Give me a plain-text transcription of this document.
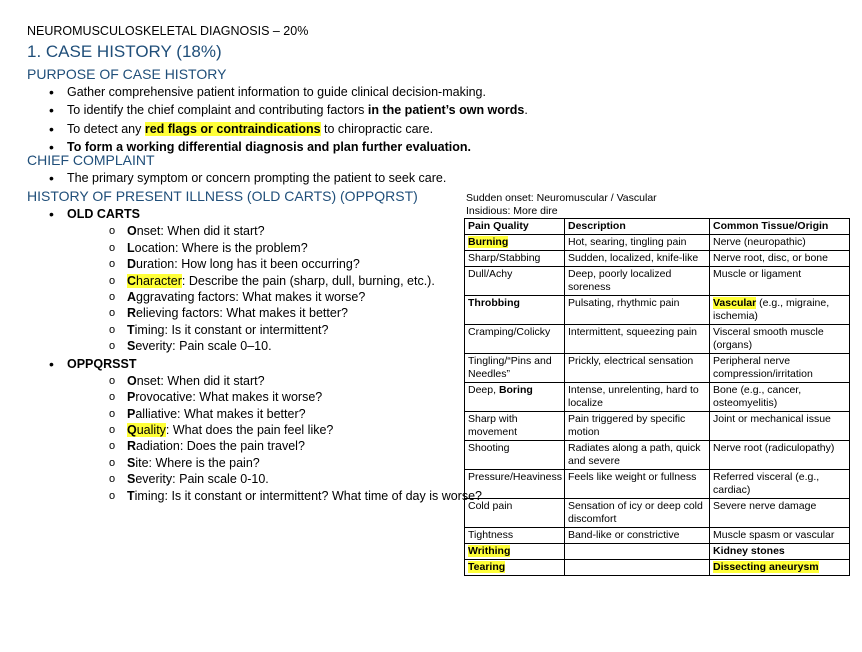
NEUROMUSCULOSKELETAL DIAGNOSIS – 20%
1. CASE HISTORY (18%)
PURPOSE OF CASE HISTORY
• Gather comprehensive patient information to guide clinical decision-making.
• To identify the chief complaint and contributing factors in the patient’s own words.
• To detect any red flags or contraindications to chiropractic care.
• To form a working differential diagnosis and plan further evaluation.
CHIEF COMPLAINT
• The primary symptom or concern prompting the patient to seek care.
HISTORY OF PRESENT ILLNESS (OLD CARTS) (OPPQRST)
• OLD CARTS
o Onset: When did it start?
o Location: Where is the problem?
o Duration: How long has it been occurring?
o Character: Describe the pain (sharp, dull, burning, etc.).
o Aggravating factors: What makes it worse?
o Relieving factors: What makes it better?
o Timing: Is it constant or intermittent?
o Severity: Pain scale 0–10.
• OPPQRSST
o Onset: When did it start?
o Provocative: What makes it worse?
o Palliative: What makes it better?
o Quality: What does the pain feel like?
o Radiation: Does the pain travel?
o Site: Where is the pain?
o Severity: Pain scale 0-10.
o Timing: Is it constant or intermittent? What time of day is worse?
Sudden onset: Neuromuscular / Vascular
Insidious: More dire
Pain Quality	Description	Common Tissue/Origin
Burning	Hot, searing, tingling pain	Nerve (neuropathic)
Sharp/Stabbing	Sudden, localized, knife-like	Nerve root, disc, or bone
Dull/Achy	Deep, poorly localized soreness	Muscle or ligament
Throbbing	Pulsating, rhythmic pain	Vascular (e.g., migraine, ischemia)
Cramping/Colicky	Intermittent, squeezing pain	Visceral smooth muscle (organs)
Tingling/“Pins and Needles”	Prickly, electrical sensation	Peripheral nerve compression/irritation
Deep, Boring	Intense, unrelenting, hard to localize	Bone (e.g., cancer, osteomyelitis)
Sharp with movement	Pain triggered by specific motion	Joint or mechanical issue
Shooting	Radiates along a path, quick and severe	Nerve root (radiculopathy)
Pressure/Heaviness	Feels like weight or fullness	Referred visceral (e.g., cardiac)
Cold pain	Sensation of icy or deep cold discomfort	Severe nerve damage
Tightness	Band-like or constrictive	Muscle spasm or vascular
Writhing		Kidney stones
Tearing		Dissecting aneurysm
